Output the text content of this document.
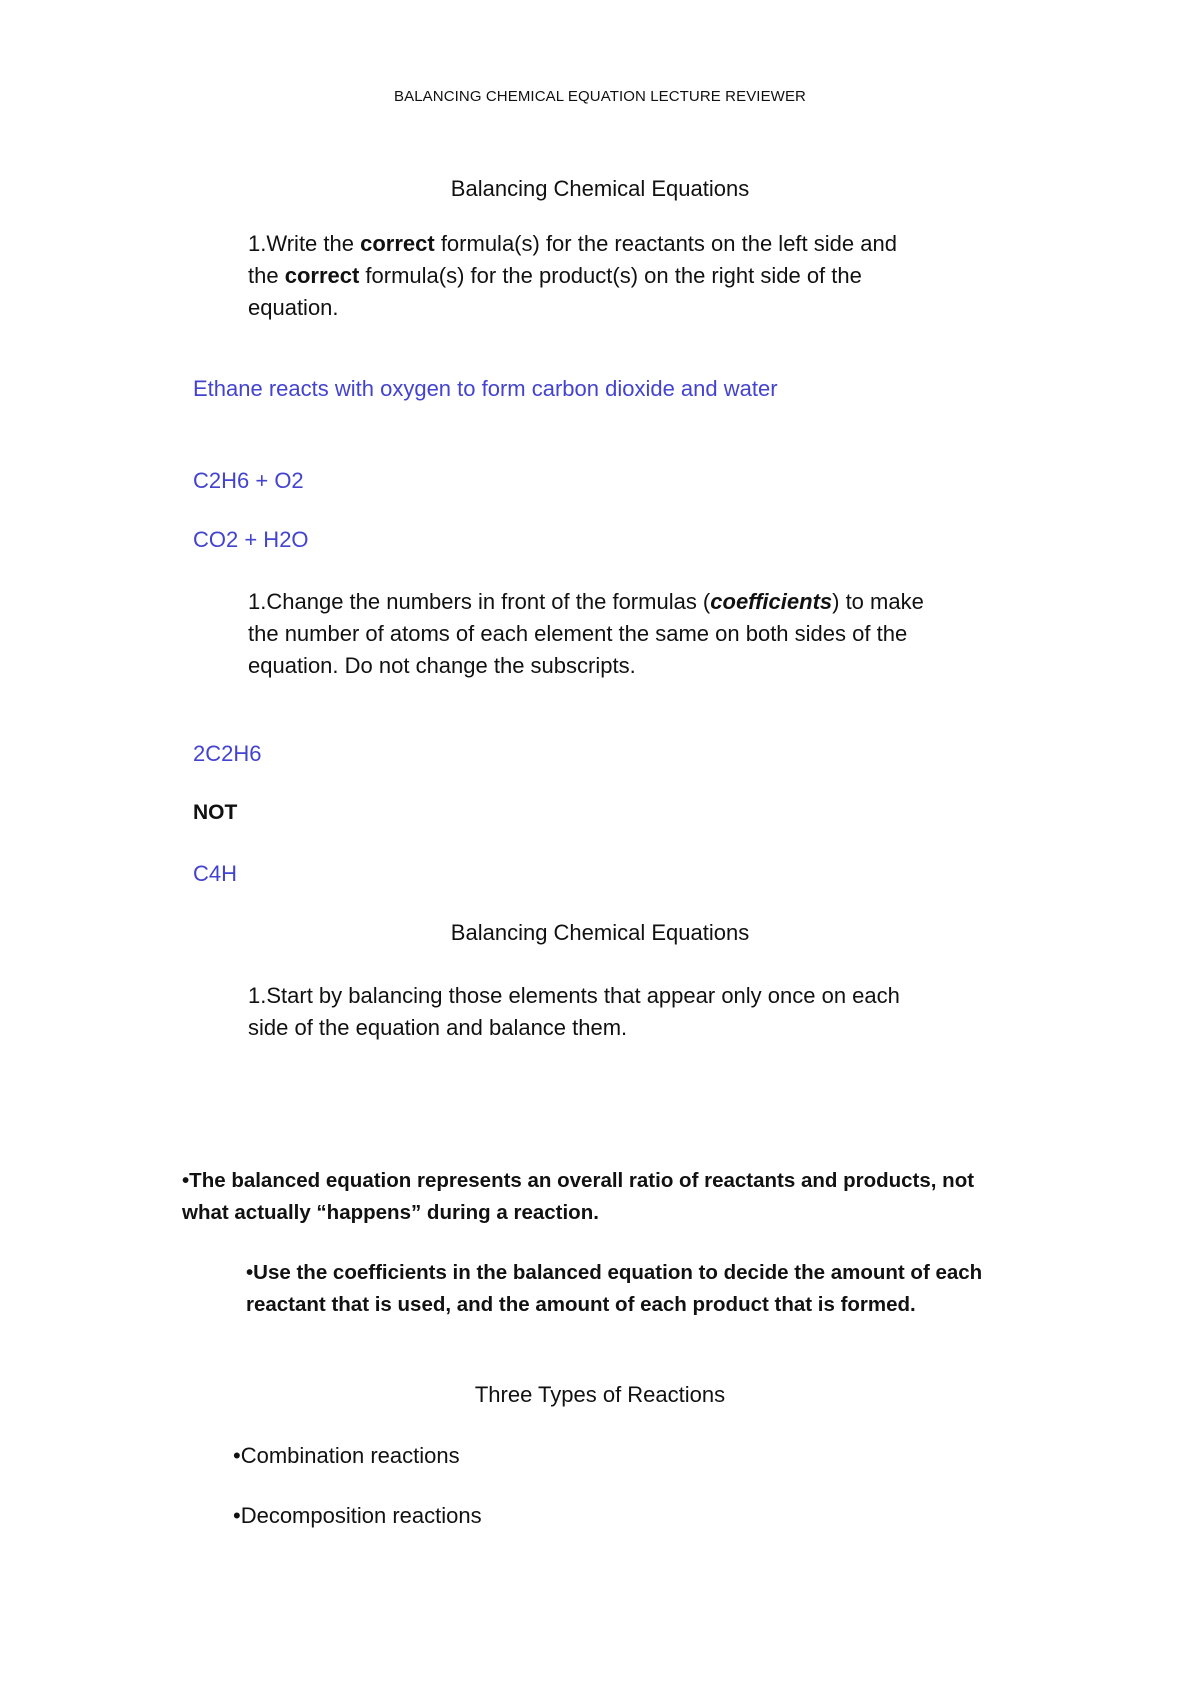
BALANCING CHEMICAL EQUATION LECTURE REVIEWER
Balancing Chemical Equations
1.Write the correct formula(s) for the reactants on the left side and
the correct formula(s) for the product(s) on the right side of the
equation.
Ethane reacts with oxygen to form carbon dioxide and water
C2H6 + O2
CO2 + H2O
1.Change the numbers in front of the formulas (coefficients) to make
the number of atoms of each element the same on both sides of the
equation. Do not change the subscripts.
2C2H6
NOT
C4H
Balancing Chemical Equations
1.Start by balancing those elements that appear only once on each
side of the equation and balance them.
•The balanced equation represents an overall ratio of reactants and products, not
what actually “happens” during a reaction.
•Use the coefficients in the balanced equation to decide the amount of each
reactant that is used, and the amount of each product that is formed.
Three Types of Reactions
•Combination reactions
•Decomposition reactions
